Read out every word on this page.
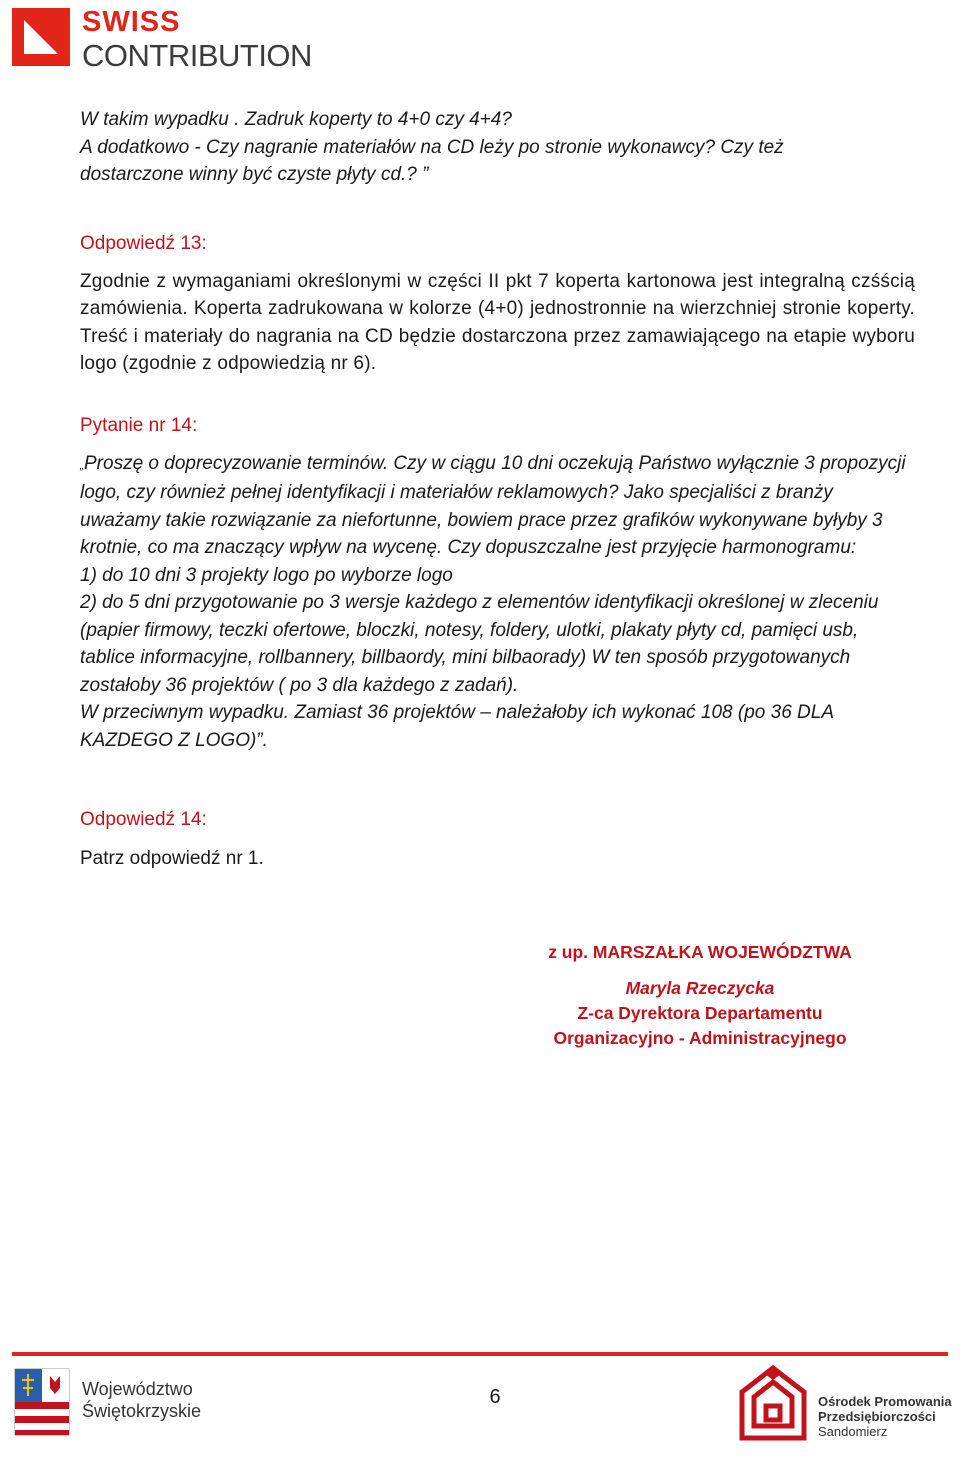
SWISS
CONTRIBUTION

W takim wypadku . Zadruk koperty to 4+0 czy 4+4?

A dodatkowo - Czy nagranie materiałów na CD leży po stronie wykonawcy? Czy też

dostarczone winny być czyste płyty cd.? ”

Odpowiedź 13:

Zgodnie z wymaganiami określonymi w części II pkt 7 koperta kartonowa jest integralną czśścią zamówienia. Koperta zadrukowana w kolorze (4+0) jednostronnie na wierzchniej stronie koperty. Treść i materiały do nagrania na CD będzie dostarczona przez zamawiającego na etapie wyboru logo (zgodnie z odpowiedzią nr 6).

Pytanie nr 14:

„Proszę o doprecyzowanie terminów. Czy w ciągu 10 dni oczekują Państwo wyłącznie 3 propozycji logo, czy również pełnej identyfikacji i materiałów reklamowych? Jako specjaliści z branży uważamy takie rozwiązanie za niefortunne, bowiem prace przez grafików wykonywane byłyby 3 krotnie, co ma znaczący wpływ na wycenę. Czy dopuszczalne jest przyjęcie harmonogramu:

1) do 10 dni 3 projekty logo po wyborze logo

2) do 5 dni przygotowanie po 3 wersje każdego z elementów identyfikacji określonej w zleceniu (papier firmowy, teczki ofertowe, bloczki, notesy, foldery, ulotki, plakaty płyty cd, pamięci usb, tablice informacyjne, rollbannery, billbaordy, mini bilbaorady) W ten sposób przygotowanych zostałoby 36 projektów ( po 3 dla każdego z zadań).

W przeciwnym wypadku. Zamiast 36 projektów – należałoby ich wykonać 108 (po 36 DLA KAZDEGO Z LOGO)”.

Odpowiedź 14:

Patrz odpowiedź nr 1.

z up. MARSZAŁKA WOJEWÓDZTWA
Maryla Rzeczycka
Z-ca Dyrektora Departamentu
Organizacyjno - Administracyjnego
Województwo
Świętokrzyskie
6	Ośrodek Promowania
Przedsiębiorczości
Sandomierz
